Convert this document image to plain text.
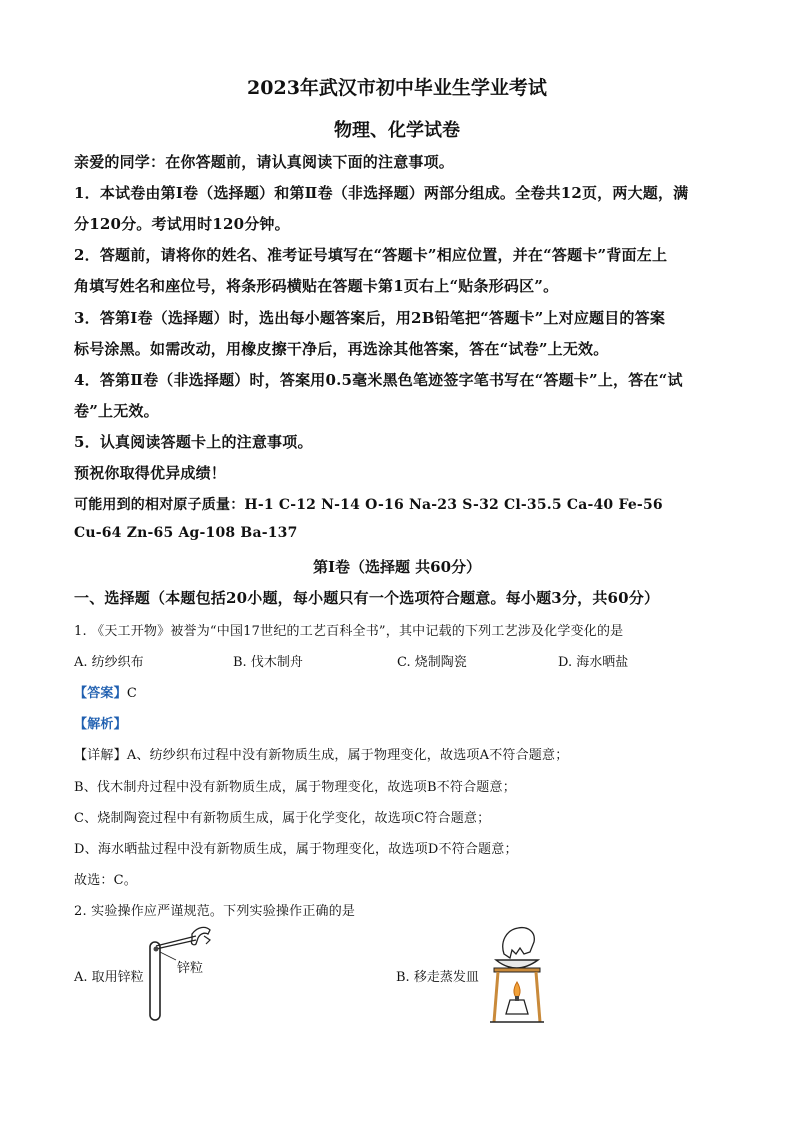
2023年武汉市初中毕业生学业考试
物理、化学试卷
亲爱的同学：在你答题前，请认真阅读下面的注意事项。
1．本试卷由第Ⅰ卷（选择题）和第Ⅱ卷（非选择题）两部分组成。全卷共12页，两大题，满
分120分。考试用时120分钟。
2．答题前，请将你的姓名、准考证号填写在“答题卡”相应位置，并在“答题卡”背面左上
角填写姓名和座位号，将条形码横贴在答题卡第1页右上“贴条形码区”。
3．答第Ⅰ卷（选择题）时，选出每小题答案后，用2B铅笔把“答题卡”上对应题目的答案
标号涂黑。如需改动，用橡皮擦干净后，再选涂其他答案，答在“试卷”上无效。
4．答第Ⅱ卷（非选择题）时，答案用0.5毫米黑色笔迹签字笔书写在“答题卡”上，答在“试
卷”上无效。
5．认真阅读答题卡上的注意事项。
预祝你取得优异成绩！
可能用到的相对原子质量：H-1 C-12 N-14 O-16 Na-23 S-32 Cl-35.5 Ca-40 Fe-56
Cu-64 Zn-65 Ag-108 Ba-137
第Ⅰ卷（选择题 共60分）
一、选择题（本题包括20小题，每小题只有一个选项符合题意。每小题3分，共60分）
1. 《天工开物》被誉为“中国17世纪的工艺百科全书”，其中记载的下列工艺涉及化学变化的是
A. 纺纱织布	B. 伐木制舟	C. 烧制陶瓷	D. 海水晒盐
【答案】C
【解析】
【详解】A、纺纱织布过程中没有新物质生成，属于物理变化，故选项A不符合题意；
B、伐木制舟过程中没有新物质生成，属于物理变化，故选项B不符合题意；
C、烧制陶瓷过程中有新物质生成，属于化学变化，故选项C符合题意；
D、海水晒盐过程中没有新物质生成，属于物理变化，故选项D不符合题意；
故选：C。
2. 实验操作应严谨规范。下列实验操作正确的是
A. 取用锌粒
锌粒
B. 移走蒸发皿
